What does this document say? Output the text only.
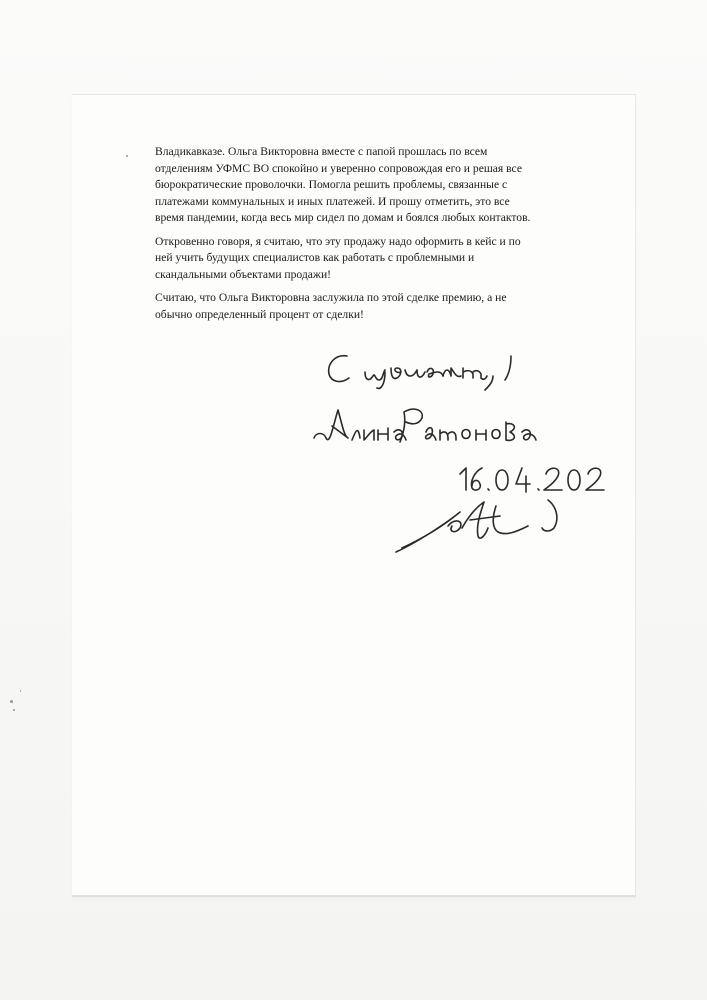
Владикавказе. Ольга Викторовна вместе с папой прошлась по всем
отделениям УФМС ВО спокойно и уверенно сопровождая его и решая все
бюрократические проволочки. Помогла решить проблемы, связанные с
платежами коммунальных и иных платежей. И прошу отметить, это все
время пандемии, когда весь мир сидел по домам и боялся любых контактов.

Откровенно говоря, я считаю, что эту продажу надо оформить в кейс и по
ней учить будущих специалистов как работать с проблемными и
скандальными объектами продажи!

Считаю, что Ольга Викторовна заслужила по этой сделке премию, а не
обычно определенный процент от сделки!
